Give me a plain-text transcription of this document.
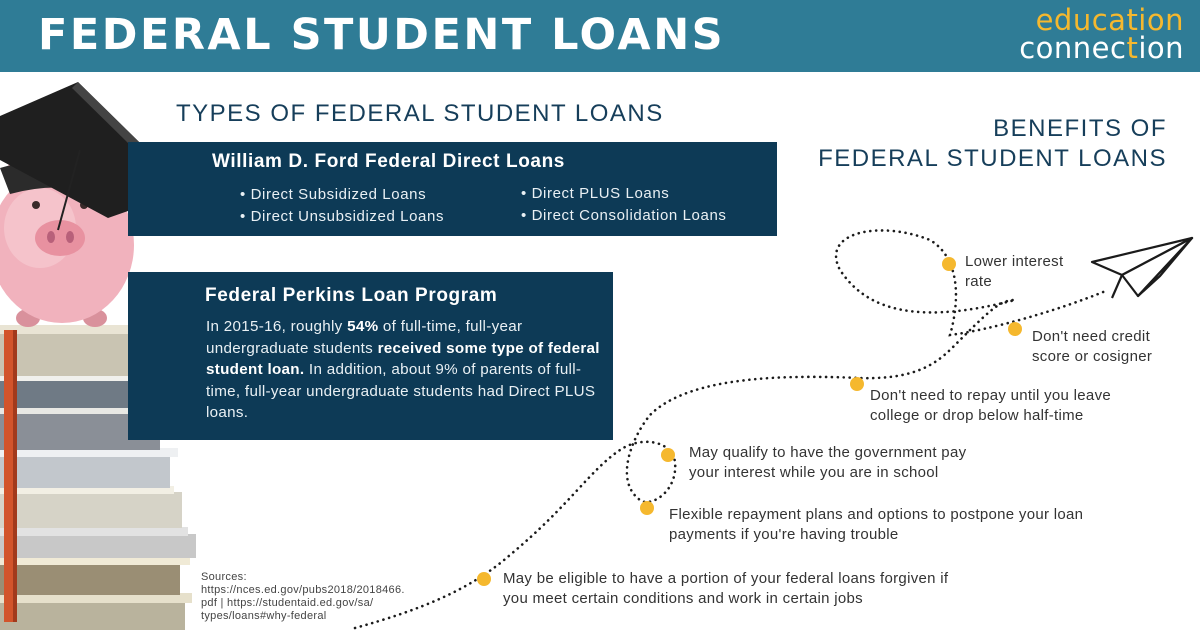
FEDERAL STUDENT LOANS	education
connection
TYPES OF FEDERAL STUDENT LOANS
William D. Ford Federal Direct Loans
• Direct Subsidized Loans
• Direct Unsubsidized Loans
• Direct PLUS Loans
• Direct Consolidation Loans
Federal Perkins Loan Program
In 2015-16, roughly 54% of full-time, full-year undergraduate students received some type of federal student loan. In addition, about 9% of parents of full-time, full-year undergraduate students had Direct PLUS loans.
BENEFITS OF
FEDERAL STUDENT LOANS
Lower interest
rate
Don't need credit
score or cosigner
Don't need to repay until you leave
college or drop below half-time
May qualify to have the government pay
your interest while you are in school
Flexible repayment plans and options to postpone your loan
payments if you're having trouble
May be eligible to have a portion of your federal loans forgiven if
you meet certain conditions and work in certain jobs
Sources:
https://nces.ed.gov/pubs2018/2018466.
pdf | https://studentaid.ed.gov/sa/
types/loans#why-federal
